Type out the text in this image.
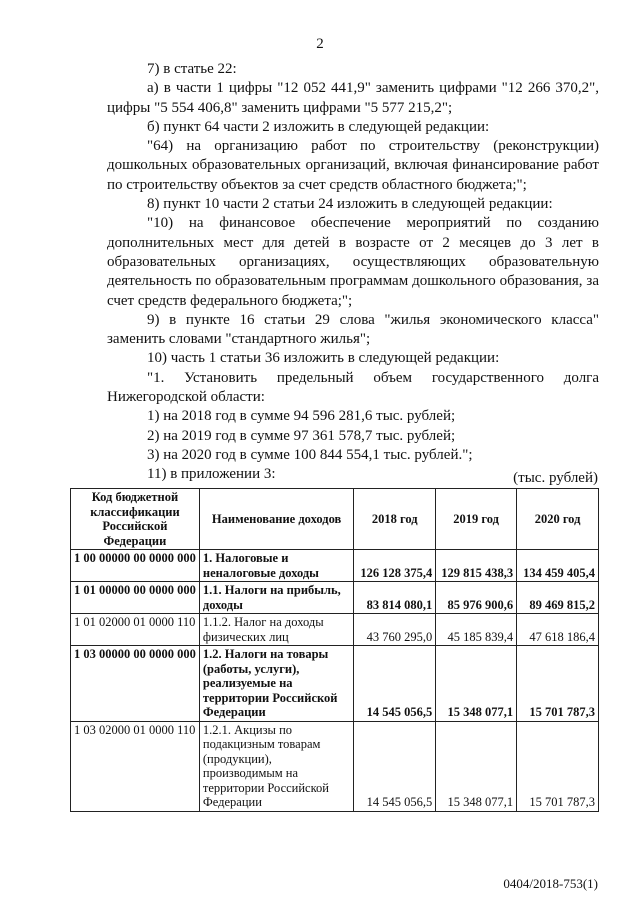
2

7) в статье 22:

а) в части 1 цифры "12 052 441,9" заменить цифрами "12 266 370,2", цифры "5 554 406,8" заменить цифрами "5 577 215,2";

б) пункт 64 части 2 изложить в следующей редакции:

"64) на организацию работ по строительству (реконструкции) дошкольных образовательных организаций, включая финансирование работ по строительству объектов за счет средств областного бюджета;";

8) пункт 10 части 2 статьи 24 изложить в следующей редакции:

"10) на финансовое обеспечение мероприятий по созданию дополнительных мест для детей в возрасте от 2 месяцев до 3 лет в образовательных организациях, осуществляющих образовательную деятельность по образовательным программам дошкольного образования, за счет средств федерального бюджета;";

9) в пункте 16 статьи 29 слова "жилья экономического класса" заменить словами "стандартного жилья";

10) часть 1 статьи 36 изложить в следующей редакции:

"1. Установить предельный объем государственного долга Нижегородской области:

1) на 2018 год в сумме 94 596 281,6 тыс. рублей;

2) на 2019 год в сумме 97 361 578,7 тыс. рублей;

3) на 2020 год в сумме 100 844 554,1 тыс. рублей.";

11) в приложении 3:	(тыс. рублей)
Код бюджетной классификации Российской Федерации	Наименование доходов	2018 год	2019 год	2020 год
1 00 00000 00 0000 000	1. Налоговые и неналоговые доходы	126 128 375,4	129 815 438,3	134 459 405,4
1 01 00000 00 0000 000	1.1. Налоги на прибыль, доходы	83 814 080,1	85 976 900,6	89 469 815,2
1 01 02000 01 0000 110	1.1.2. Налог на доходы физических лиц	43 760 295,0	45 185 839,4	47 618 186,4
1 03 00000 00 0000 000	1.2. Налоги на товары (работы, услуги), реализуемые на территории Российской Федерации	14 545 056,5	15 348 077,1	15 701 787,3
1 03 02000 01 0000 110	1.2.1. Акцизы по подакцизным товарам (продукции), производимым на территории Российской Федерации	14 545 056,5	15 348 077,1	15 701 787,3
0404/2018-753(1)
